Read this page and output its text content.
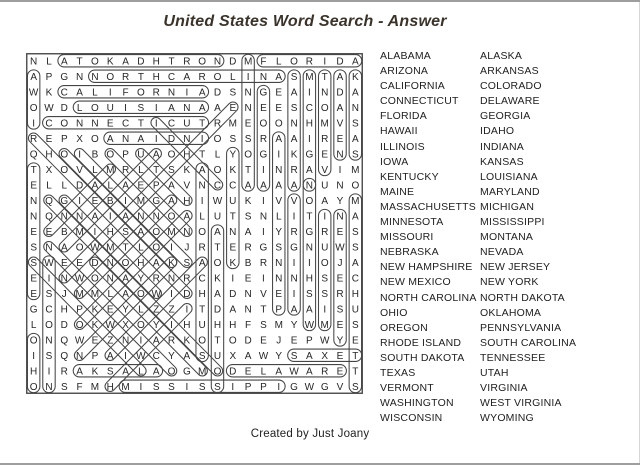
United States Word Search - Answer
N L A T O K A D H T R O N D M F L O R I D A
A P G N N O R T H C A R O L I N A S M T A K
W K C A L I F O R N I A D S N G E A I N D A
O W D L O U I S I A N A A E N E E S C O A N
I C O N N E C T I C U T R M E O O N H M V S
R E P X O A N A I D N I O S S R A A I R E A
Q H O I B O P U A O H T L Y O G I K G E N S
T X O V L M R L T S K A O K T I N R A V I M
E L L D A L A E P A V N C C A A A A N U N O
N Q G I E B I M G A H I W U K I V V O A Y M
N Q N N A I A N N O A L U T S N L I T I N A
E E B M I H S A O M N O A N A I Y R G R E S
S N A O W M T L O I J R T E R G S G N U W S
S W E E D N O H A K S A O K B R N I I O J A
E I N W O N A Y R N R C K I E I N N H S E C
E S J M M L A O W I D H A D N V E I S S R H
G C H P K E Y L Z Z I T D A N T P A A I S U
L O D O K W X O Y I H U H H F S M Y W M E S
O N Q W E Z N I A R K O T O D E J E P W Y E
I S Q N P A I W C Y A S U X A W Y S A X E T
H I R A K S A L A O G M O D E L A W A R E T
O N S F M H M I S S I S S I P P I G W G V S
ALABAMA
ARIZONA
CALIFORNIA
CONNECTICUT
FLORIDA
HAWAII
ILLINOIS
IOWA
KENTUCKY
MAINE
MASSACHUSETTS
MINNESOTA
MISSOURI
NEBRASKA
NEW HAMPSHIRE
NEW MEXICO
NORTH CAROLINA
OHIO
OREGON
RHODE ISLAND
SOUTH DAKOTA
TEXAS
VERMONT
WASHINGTON
WISCONSIN
ALASKA
ARKANSAS
COLORADO
DELAWARE
GEORGIA
IDAHO
INDIANA
KANSAS
LOUISIANA
MARYLAND
MICHIGAN
MISSISSIPPI
MONTANA
NEVADA
NEW JERSEY
NEW YORK
NORTH DAKOTA
OKLAHOMA
PENNSYLVANIA
SOUTH CAROLINA
TENNESSEE
UTAH
VIRGINIA
WEST VIRGINIA
WYOMING
Created by Just Joany
